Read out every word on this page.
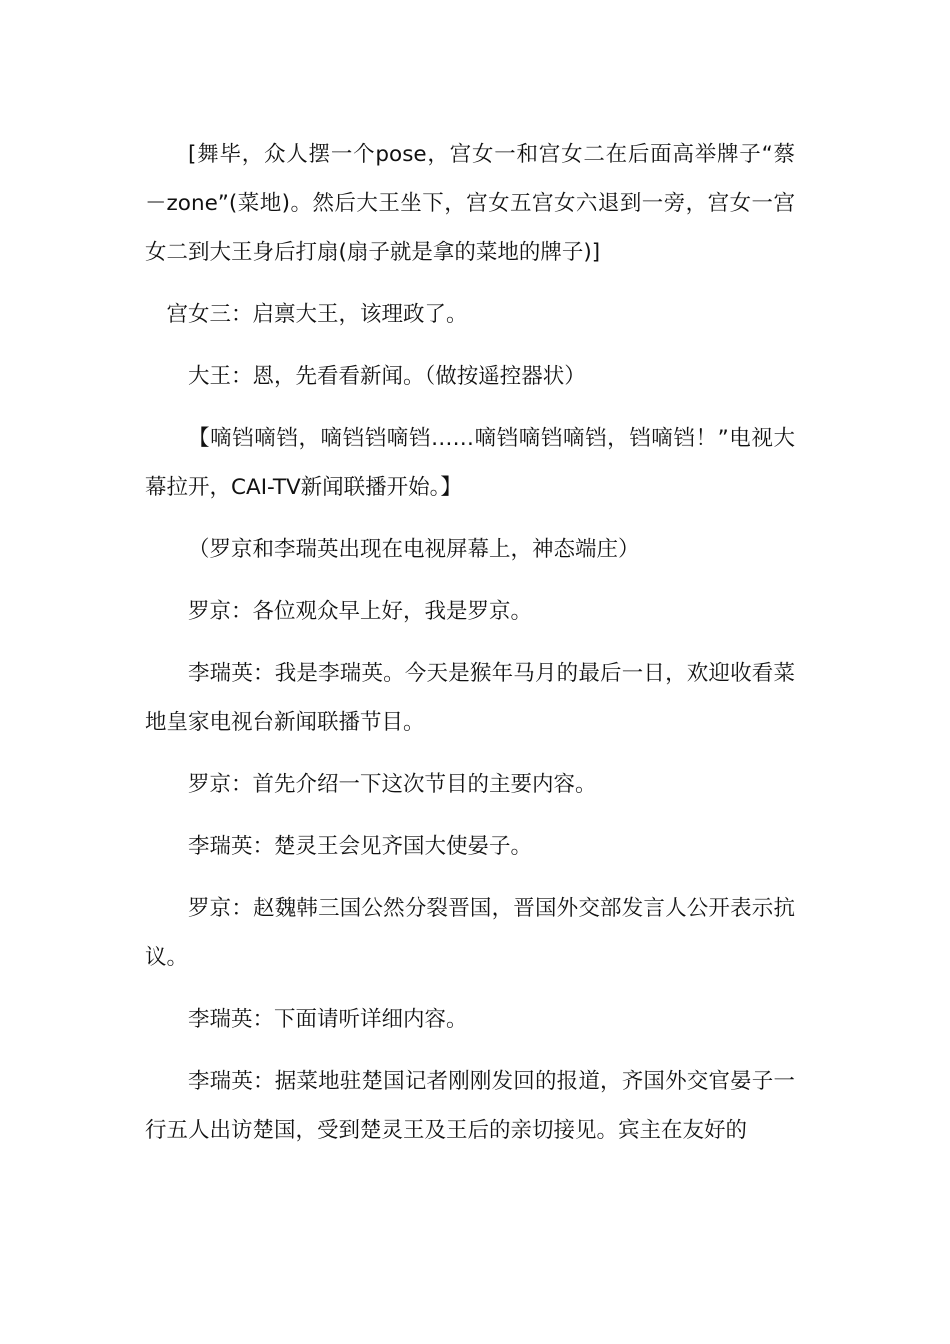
[舞毕，众人摆一个pose，宫女一和宫女二在后面高举牌子“蔡－zone”(菜地)。然后大王坐下，宫女五宫女六退到一旁，宫女一宫女二到大王身后打扇(扇子就是拿的菜地的牌子)]

宫女三：启禀大王，该理政了。

大王：恩，先看看新闻。（做按遥控器状）

【嘀铛嘀铛，嘀铛铛嘀铛……嘀铛嘀铛嘀铛，铛嘀铛！”电视大幕拉开，CAI-TV新闻联播开始。】

（罗京和李瑞英出现在电视屏幕上，神态端庄）

罗京：各位观众早上好，我是罗京。

李瑞英：我是李瑞英。今天是猴年马月的最后一日，欢迎收看菜地皇家电视台新闻联播节目。

罗京：首先介绍一下这次节目的主要内容。

李瑞英：楚灵王会见齐国大使晏子。

罗京：赵魏韩三国公然分裂晋国，晋国外交部发言人公开表示抗议。

李瑞英：下面请听详细内容。

李瑞英：据菜地驻楚国记者刚刚发回的报道，齐国外交官晏子一行五人出访楚国，受到楚灵王及王后的亲切接见。宾主在友好的
